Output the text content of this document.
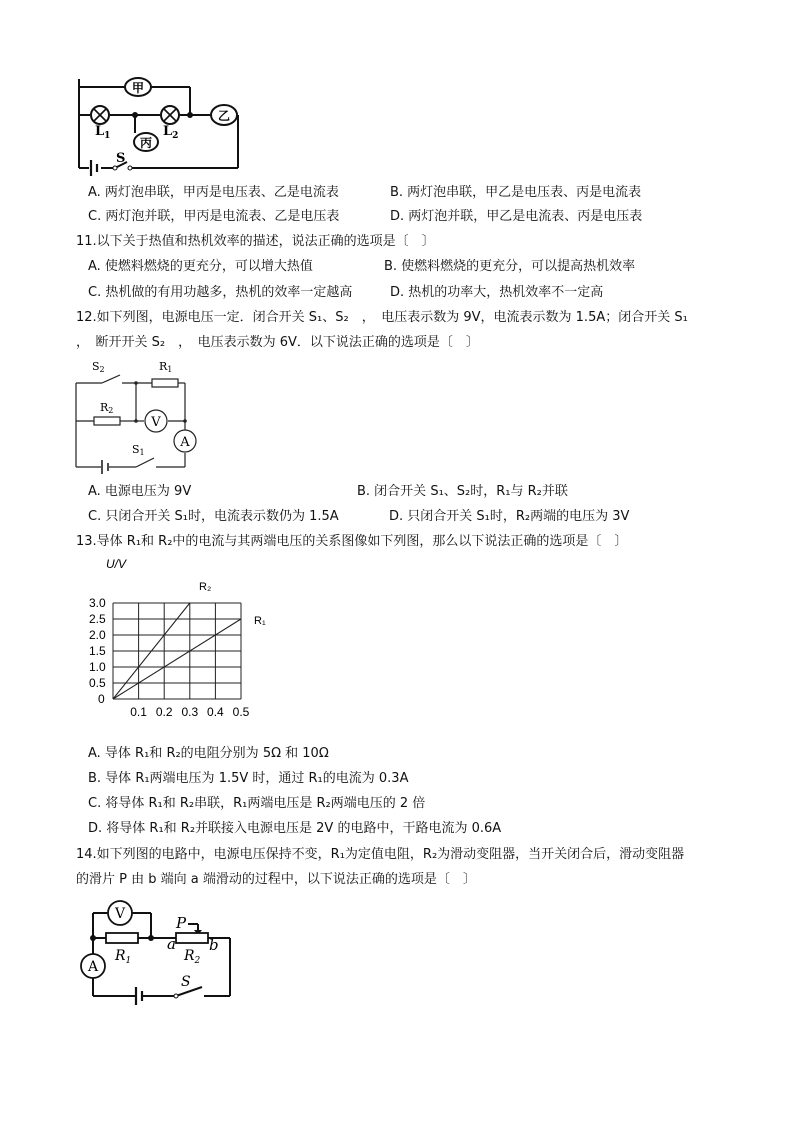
甲
乙
丙
$L_1$	$L_2$
S
A. 两灯泡串联，甲丙是电压表、乙是电流表	B. 两灯泡串联，甲乙是电压表、丙是电流表
C. 两灯泡并联，甲丙是电流表、乙是电压表	D. 两灯泡并联，甲乙是电流表、丙是电压表
11.以下关于热值和热机效率的描述，说法正确的选项是〔　〕
A. 使燃料燃烧的更充分，可以增大热值	B. 使燃料燃烧的更充分，可以提高热机效率
C. 热机做的有用功越多，热机的效率一定越高	D. 热机的功率大，热机效率不一定高
12.如下列图，电源电压一定．闭合开关 S₁、S₂　，　电压表示数为 9V，电流表示数为 1.5A；闭合开关 S₁
，　断开开关 S₂　，　电压表示数为 6V．以下说法正确的选项是〔　〕
V
A
S2	R1
R2
S1
A. 电源电压为 9V	B. 闭合开关 S₁、S₂时，R₁与 R₂并联
C. 只闭合开关 S₁时，电流表示数仍为 1.5A	D. 只闭合开关 S₁时，R₂两端的电压为 3V
13.导体 R₁和 R₂中的电流与其两端电压的关系图像如下列图，那么以下说法正确的选项是〔　〕
U/V
0
0.5
1.0
1.5
2.0
2.5
3.0
0.1 0.2 0.3 0.4 0.5
R₂
R₁
A. 导体 R₁和 R₂的电阻分别为 5Ω 和 10Ω
B. 导体 R₁两端电压为 1.5V 时，通过 R₁的电流为 0.3A
C. 将导体 R₁和 R₂串联，R₁两端电压是 R₂两端电压的 2 倍
D. 将导体 R₁和 R₂并联接入电源电压是 2V 的电路中，干路电流为 0.6A
14.如下列图的电路中，电源电压保持不变，R₁为定值电阻，R₂为滑动变阻器，当开关闭合后，滑动变阻器
的滑片 P 由 b 端向 a 端滑动的过程中，以下说法正确的选项是〔　〕
V
A
$R_1$	$R_2$
P
a b
S
